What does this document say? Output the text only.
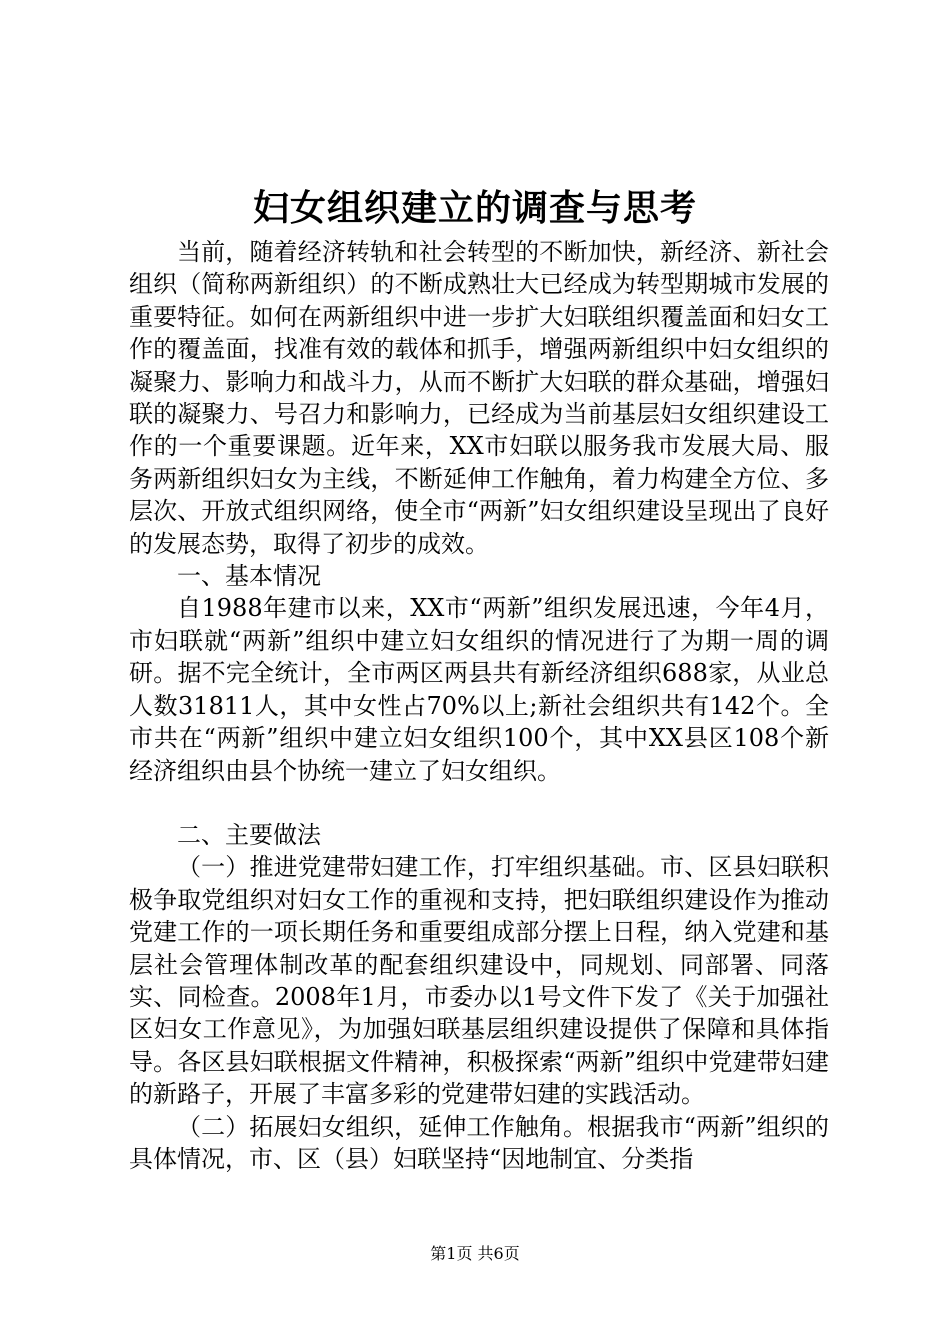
妇女组织建立的调查与思考

当前，随着经济转轨和社会转型的不断加快，新经济、新社会组织（简称两新组织）的不断成熟壮大已经成为转型期城市发展的重要特征。如何在两新组织中进一步扩大妇联组织覆盖面和妇女工作的覆盖面，找准有效的载体和抓手，增强两新组织中妇女组织的凝聚力、影响力和战斗力，从而不断扩大妇联的群众基础，增强妇联的凝聚力、号召力和影响力，已经成为当前基层妇女组织建设工作的一个重要课题。近年来，XX市妇联以服务我市发展大局、服务两新组织妇女为主线，不断延伸工作触角，着力构建全方位、多层次、开放式组织网络，使全市“两新”妇女组织建设呈现出了良好的发展态势，取得了初步的成效。

一、基本情况

自1988年建市以来，XX市“两新”组织发展迅速，今年4月，市妇联就“两新”组织中建立妇女组织的情况进行了为期一周的调研。据不完全统计，全市两区两县共有新经济组织688家，从业总人数31811人，其中女性占70%以上;新社会组织共有142个。全市共在“两新”组织中建立妇女组织100个，其中XX县区108个新经济组织由县个协统一建立了妇女组织。

二、主要做法

（一）推进党建带妇建工作，打牢组织基础。市、区县妇联积极争取党组织对妇女工作的重视和支持，把妇联组织建设作为推动党建工作的一项长期任务和重要组成部分摆上日程，纳入党建和基层社会管理体制改革的配套组织建设中，同规划、同部署、同落实、同检查。2008年1月，市委办以1号文件下发了《关于加强社区妇女工作意见》，为加强妇联基层组织建设提供了保障和具体指导。各区县妇联根据文件精神，积极探索“两新”组织中党建带妇建的新路子，开展了丰富多彩的党建带妇建的实践活动。

（二）拓展妇女组织，延伸工作触角。根据我市“两新”组织的具体情况，市、区（县）妇联坚持“因地制宜、分类指

第1页 共6页
